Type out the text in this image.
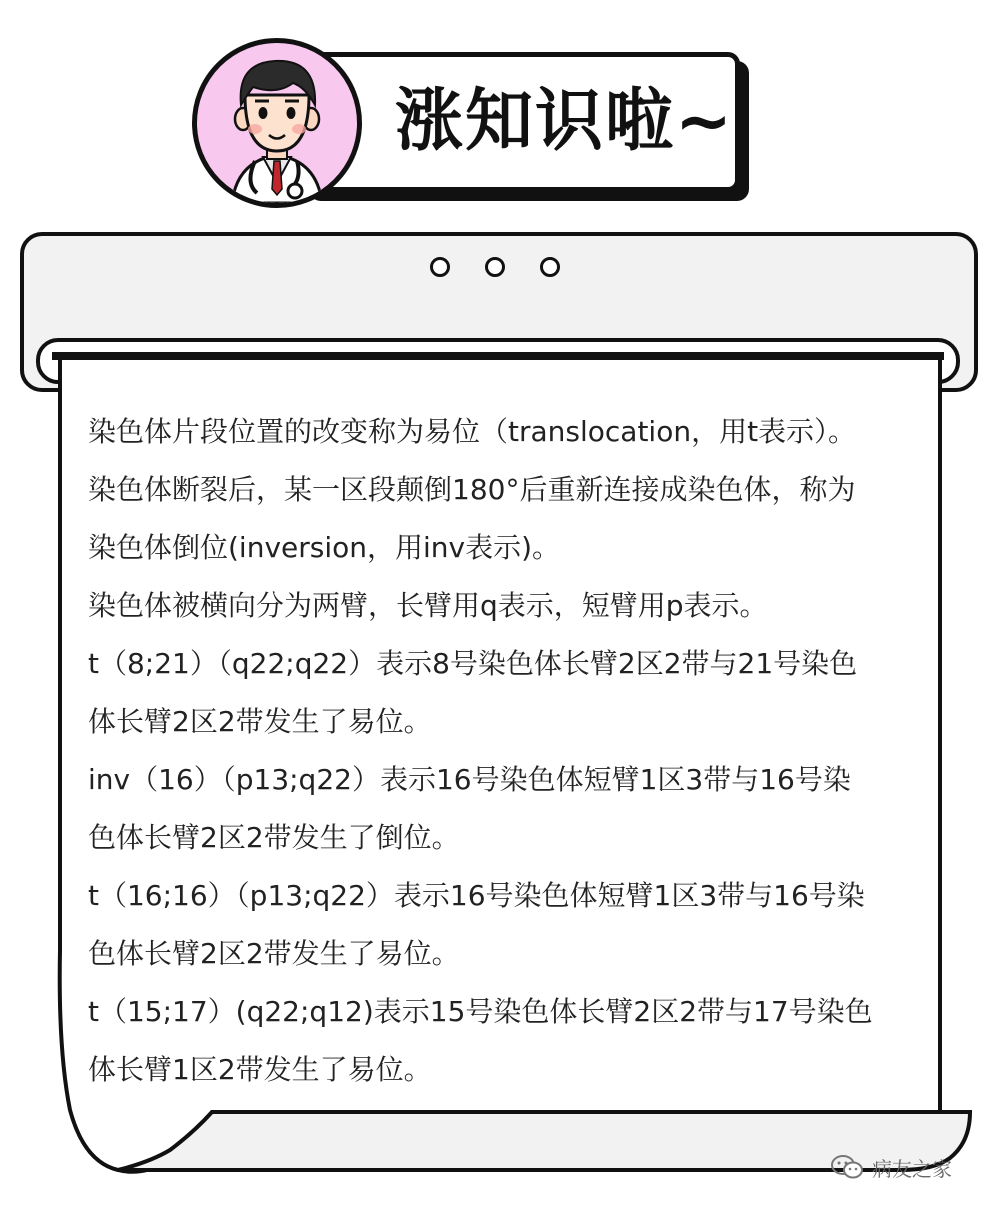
涨知识啦~

染色体片段位置的改变称为易位（translocation，用t表示）。

染色体断裂后，某一区段颠倒180°后重新连接成染色体，称为

染色体倒位(inversion，用inv表示)。

染色体被横向分为两臂，长臂用q表示，短臂用p表示。

t（8;21）（q22;q22）表示8号染色体长臂2区2带与21号染色

体长臂2区2带发生了易位。

inv（16）（p13;q22）表示16号染色体短臂1区3带与16号染

色体长臂2区2带发生了倒位。

t（16;16）（p13;q22）表示16号染色体短臂1区3带与16号染

色体长臂2区2带发生了易位。

t（15;17）(q22;q12)表示15号染色体长臂2区2带与17号染色

体长臂1区2带发生了易位。

病友之家
